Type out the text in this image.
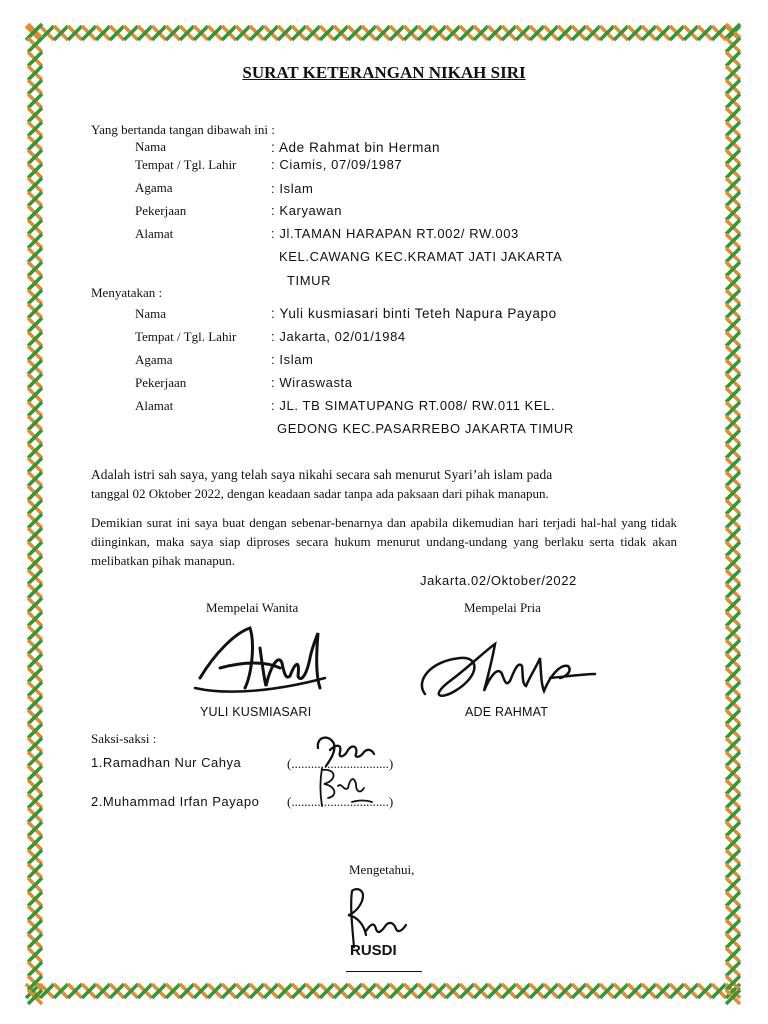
SURAT KETERANGAN NIKAH SIRI
Yang bertanda tangan dibawah ini :
Nama	: Ade Rahmat bin Herman
Tempat / Tgl. Lahir	: Ciamis, 07/09/1987
Agama	: Islam
Pekerjaan	: Karyawan
Alamat	: Jl.TAMAN HARAPAN RT.002/ RW.003
KEL.CAWANG KEC.KRAMAT JATI JAKARTA
TIMUR
Menyatakan :
Nama	: Yuli kusmiasari binti Teteh Napura Payapo
Tempat / Tgl. Lahir	: Jakarta, 02/01/1984
Agama	: Islam
Pekerjaan	: Wiraswasta
Alamat	: JL. TB SIMATUPANG RT.008/ RW.011 KEL.
GEDONG KEC.PASARREBO JAKARTA TIMUR
Adalah istri sah saya, yang telah saya nikahi secara sah menurut Syari’ah islam pada
tanggal 02 Oktober 2022, dengan keadaan sadar tanpa ada paksaan dari pihak manapun.
Demikian surat ini saya buat dengan sebenar-benarnya dan apabila dikemudian hari terjadi hal-hal yang tidak diinginkan, maka saya siap diproses secara hukum menurut undang-undang yang berlaku serta tidak akan melibatkan pihak manapun.
Jakarta.02/Oktober/2022
Mempelai Wanita	Mempelai Pria
YULI KUSMIASARI	ADE RAHMAT
Saksi-saksi :
1.Ramadhan Nur Cahya	(..............................)
2.Muhammad Irfan Payapo (..............................)
Mengetahui,
RUSDI
